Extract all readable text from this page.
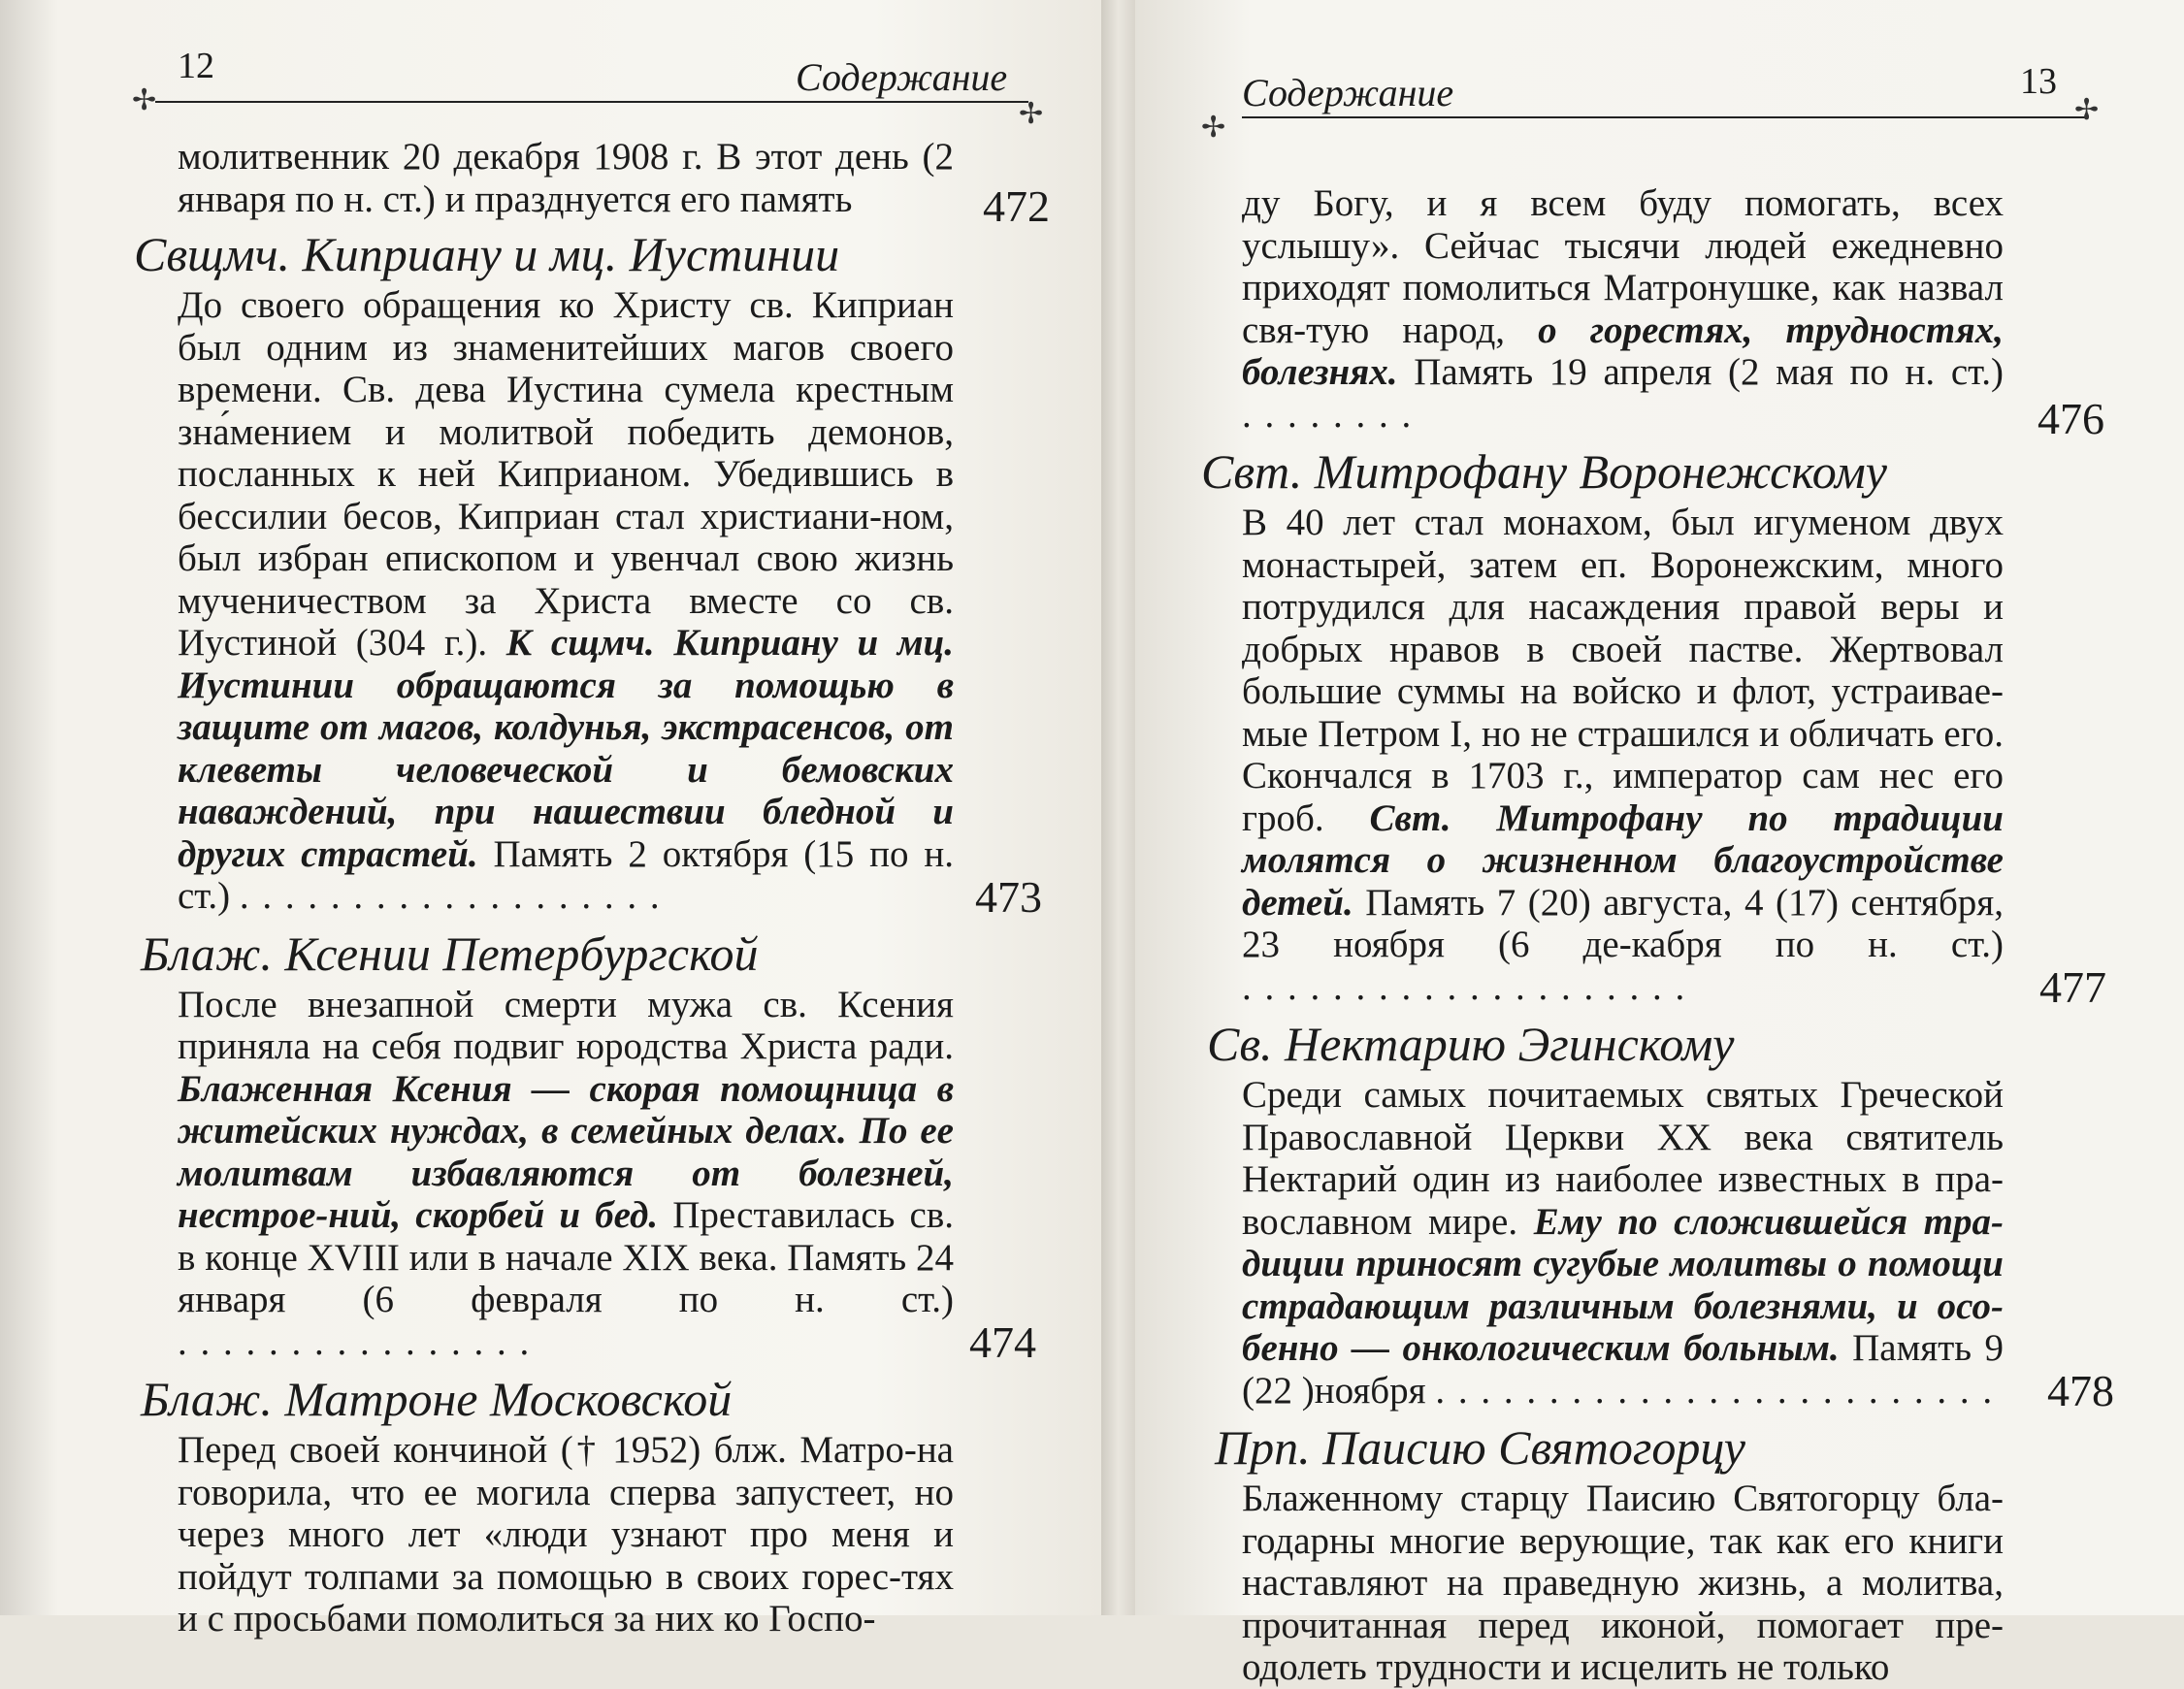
12	Содержание
✢	✢
молитвенник 20 декабря 1908 г. В этот день (2 января по н. ст.) и празднуется его память	472
Свщмч. Киприану и мц. Иустинии
До своего обращения ко Христу св. Киприан был одним из знаменитейших магов своего времени. Св. дева Иустина сумела крестным зна́мением и молитвой победить демонов, посланных к ней Киприаном. Убедившись в бессилии бесов, Киприан стал христиани-ном, был избран епископом и увенчал свою жизнь мученичеством за Христа вместе со св. Иустиной (304 г.). К сщмч. Киприану и мц. Иустинии обращаются за помощью в защите от магов, колдунья, экстрасенсов, от клеветы человеческой и бемовских наваждений, при нашествии бледной и других страстей. Память 2 октября (15 по н. ст.) . . . . . . . . . . . . . . . . . . .	473
Блаж. Ксении Петербургской
После внезапной смерти мужа св. Ксения приняла на себя подвиг юродства Христа ради. Блаженная Ксения — скорая помощница в житейских нуждах, в семейных делах. По ее молитвам избавляются от болезней, нестрое-ний, скорбей и бед. Преставилась св. в конце XVIII или в начале XIX века. Память 24 января (6 февраля по н. ст.) . . . . . . . . . . . . . . . .	474
Блаж. Матроне Московской
Перед своей кончиной († 1952) блж. Матро-на говорила, что ее могила сперва запустеет, но через много лет «люди узнают про меня и пойдут толпами за помощью в своих горес-тях и с просьбами помолиться за них ко Госпо-
Содержание	13
✢
✢
ду Богу, и я всем буду помогать, всех услышу». Сейчас тысячи людей ежедневно приходят помолиться Матронушке, как назвал свя-тую народ, о горестях, трудностях, болезнях. Память 19 апреля (2 мая по н. ст.) . . . . . . . .	476
Свт. Митрофану Воронежскому
В 40 лет стал монахом, был игуменом двух монастырей, затем еп. Воронежским, много потрудился для насаждения правой веры и добрых нравов в своей пастве. Жертвовал большие суммы на войско и флот, устраивае-мые Петром I, но не страшился и обличать его. Скончался в 1703 г., император сам нес его гроб. Свт. Митрофану по традиции молятся о жизненном благоустройстве детей. Память 7 (20) августа, 4 (17) сентября, 23 ноября (6 де-кабря по н. ст.) . . . . . . . . . . . . . . . . . . . .	477
Св. Нектарию Эгинскому
Среди самых почитаемых святых Греческой Православной Церкви XX века святитель Нектарий один из наиболее известных в пра-вославном мире. Ему по сложившейся тра-диции приносят сугубые молитвы о помощи страдающим различным болезнями, и осо-бенно — онкологическим больным. Память 9 (22 )ноября . . . . . . . . . . . . . . . . . . . . . . . . . 478
Прп. Паисию Святогорцу
Блаженному старцу Паисию Святогорцу бла-годарны многие верующие, так как его книги наставляют на праведную жизнь, а молитва, прочитанная перед иконой, помогает пре-одолеть трудности и исцелить не только
